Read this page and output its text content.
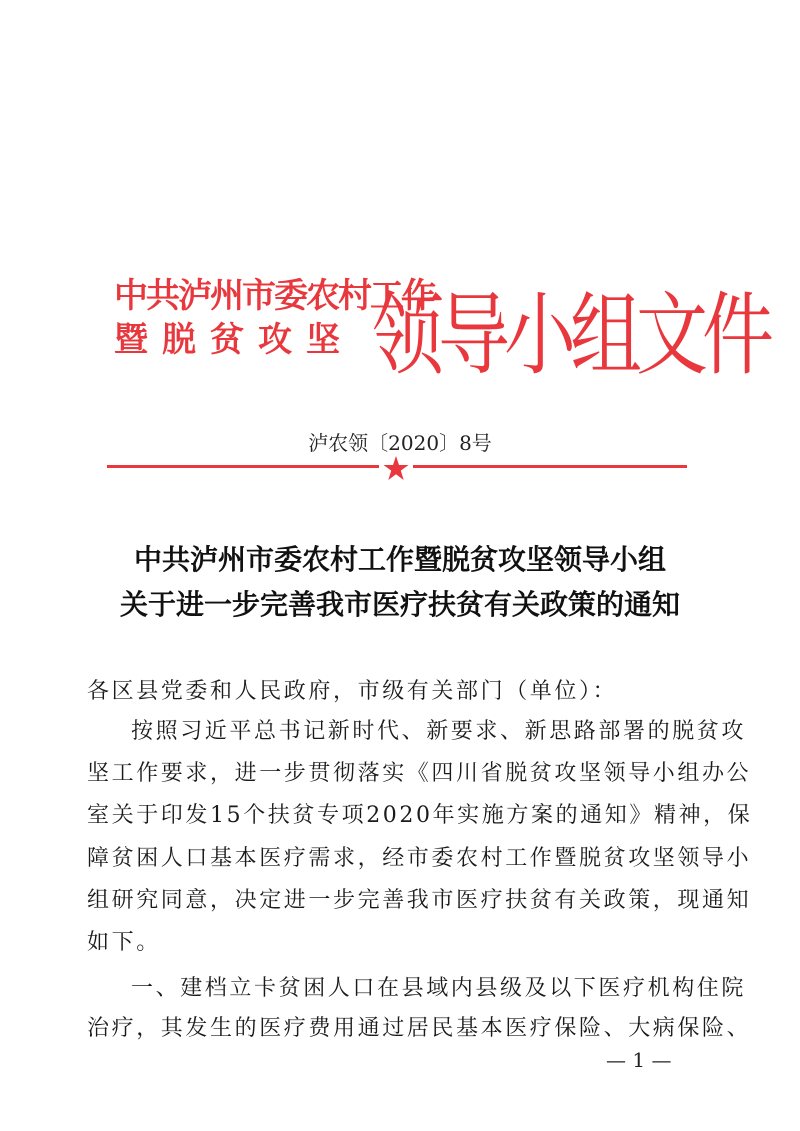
中共泸州市委农村工作
暨脱贫攻坚 领导小组文件
泸农领〔2020〕8号
中共泸州市委农村工作暨脱贫攻坚领导小组
关于进一步完善我市医疗扶贫有关政策的通知
各区县党委和人民政府，市级有关部门（单位）：
按照习近平总书记新时代、新要求、新思路部署的脱贫攻
坚工作要求，进一步贯彻落实《四川省脱贫攻坚领导小组办公
室关于印发15个扶贫专项2020年实施方案的通知》精神，保
障贫困人口基本医疗需求，经市委农村工作暨脱贫攻坚领导小
组研究同意，决定进一步完善我市医疗扶贫有关政策，现通知
如下。
一、建档立卡贫困人口在县域内县级及以下医疗机构住院
治疗，其发生的医疗费用通过居民基本医疗保险、大病保险、
— 1 —
